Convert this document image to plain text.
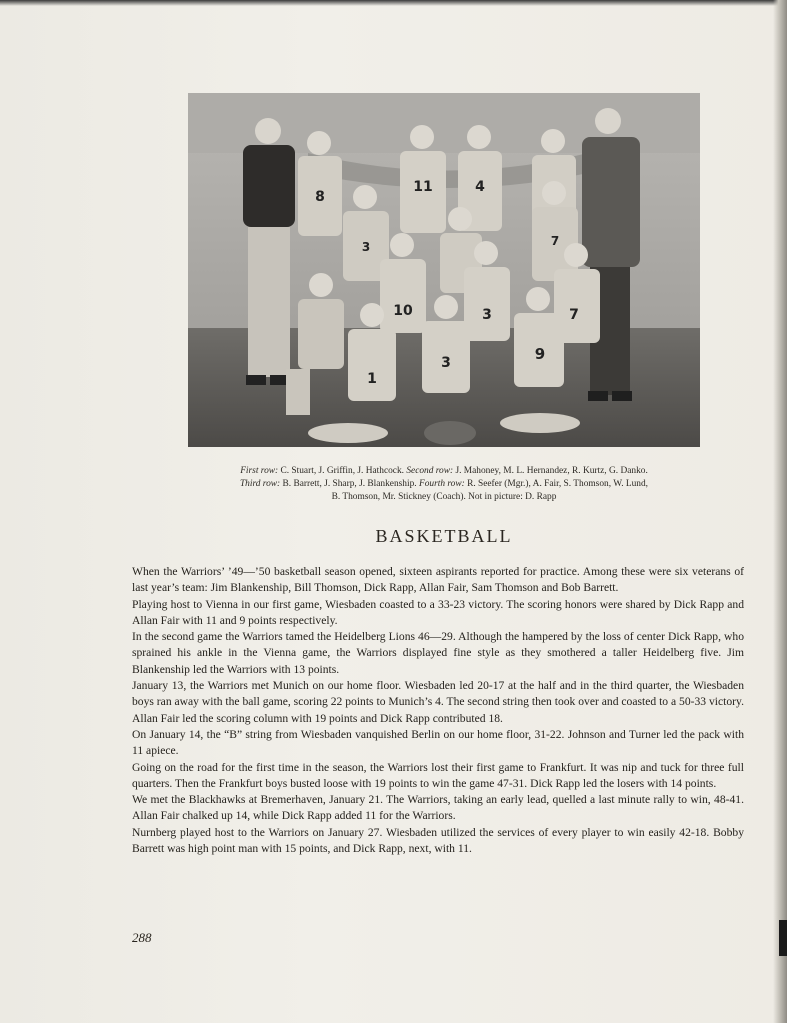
8
11	4
3	7
10	3	7
1
3	9
First row: C. Stuart, J. Griffin, J. Hathcock. Second row: J. Mahoney, M. L. Hernandez, R. Kurtz, G. Danko.
Third row: B. Barrett, J. Sharp, J. Blankenship. Fourth row: R. Seefer (Mgr.), A. Fair, S. Thomson, W. Lund,
B. Thomson, Mr. Stickney (Coach). Not in picture: D. Rapp
BASKETBALL

When the Warriors’ ’49—’50 basketball season opened, sixteen aspirants reported for practice. Among these were six veterans of last year’s team: Jim Blankenship, Bill Thomson, Dick Rapp, Allan Fair, Sam Thomson and Bob Barrett.

Playing host to Vienna in our first game, Wiesbaden coasted to a 33-23 victory. The scoring honors were shared by Dick Rapp and Allan Fair with 11 and 9 points respectively.

In the second game the Warriors tamed the Heidelberg Lions 46—29. Although the hampered by the loss of center Dick Rapp, who sprained his ankle in the Vienna game, the Warriors displayed fine style as they smothered a taller Heidelberg five. Jim Blankenship led the Warriors with 13 points.

January 13, the Warriors met Munich on our home floor. Wiesbaden led 20-17 at the half and in the third quarter, the Wiesbaden boys ran away with the ball game, scoring 22 points to Munich’s 4. The second string then took over and coasted to a 50-33 victory. Allan Fair led the scoring column with 19 points and Dick Rapp contributed 18.

On January 14, the “B” string from Wiesbaden vanquished Berlin on our home floor, 31-22. Johnson and Turner led the pack with 11 apiece.

Going on the road for the first time in the season, the Warriors lost their first game to Frankfurt. It was nip and tuck for three full quarters. Then the Frankfurt boys busted loose with 19 points to win the game 47-31. Dick Rapp led the losers with 14 points.

We met the Blackhawks at Bremerhaven, January 21. The Warriors, taking an early lead, quelled a last minute rally to win, 48-41. Allan Fair chalked up 14, while Dick Rapp added 11 for the Warriors.

Nurnberg played host to the Warriors on January 27. Wiesbaden utilized the services of every player to win easily 42-18. Bobby Barrett was high point man with 15 points, and Dick Rapp, next, with 11.

288
